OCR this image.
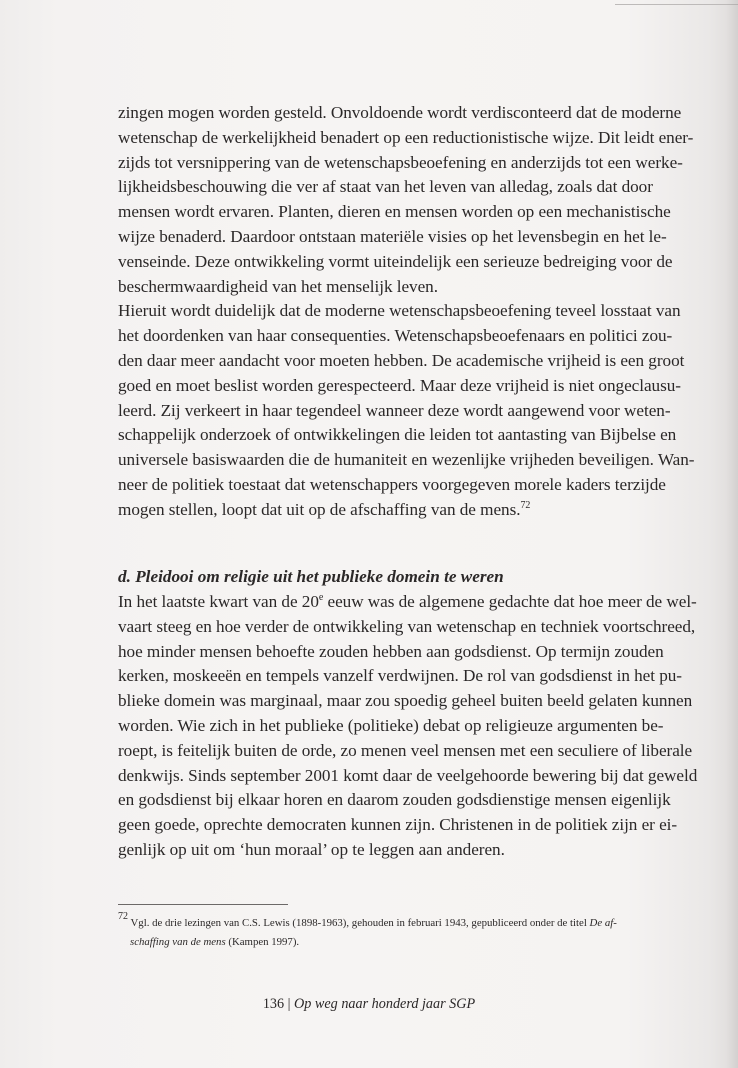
zingen mogen worden gesteld. Onvoldoende wordt verdisconteerd dat de moderne
wetenschap de werkelijkheid benadert op een reductionistische wijze. Dit leidt ener-
zijds tot versnippering van de wetenschapsbeoefening en anderzijds tot een werke-
lijkheidsbeschouwing die ver af staat van het leven van alledag, zoals dat door
mensen wordt ervaren. Planten, dieren en mensen worden op een mechanistische
wijze benaderd. Daardoor ontstaan materiële visies op het levensbegin en het le-
venseinde. Deze ontwikkeling vormt uiteindelijk een serieuze bedreiging voor de
beschermwaardigheid van het menselijk leven.
Hieruit wordt duidelijk dat de moderne wetenschapsbeoefening teveel losstaat van
het doordenken van haar consequenties. Wetenschapsbeoefenaars en politici zou-
den daar meer aandacht voor moeten hebben. De academische vrijheid is een groot
goed en moet beslist worden gerespecteerd. Maar deze vrijheid is niet ongeclausu-
leerd. Zij verkeert in haar tegendeel wanneer deze wordt aangewend voor weten-
schappelijk onderzoek of ontwikkelingen die leiden tot aantasting van Bijbelse en
universele basiswaarden die de humaniteit en wezenlijke vrijheden beveiligen. Wan-
neer de politiek toestaat dat wetenschappers voorgegeven morele kaders terzijde
mogen stellen, loopt dat uit op de afschaffing van de mens.$^{72}$
d. Pleidooi om religie uit het publieke domein te weren
In het laatste kwart van de 20e eeuw was de algemene gedachte dat hoe meer de wel-
vaart steeg en hoe verder de ontwikkeling van wetenschap en techniek voortschreed,
hoe minder mensen behoefte zouden hebben aan godsdienst. Op termijn zouden
kerken, moskeeën en tempels vanzelf verdwijnen. De rol van godsdienst in het pu-
blieke domein was marginaal, maar zou spoedig geheel buiten beeld gelaten kunnen
worden. Wie zich in het publieke (politieke) debat op religieuze argumenten be-
roept, is feitelijk buiten de orde, zo menen veel mensen met een seculiere of liberale
denkwijs. Sinds september 2001 komt daar de veelgehoorde bewering bij dat geweld
en godsdienst bij elkaar horen en daarom zouden godsdienstige mensen eigenlijk
geen goede, oprechte democraten kunnen zijn. Christenen in de politiek zijn er ei-
genlijk op uit om ‘hun moraal’ op te leggen aan anderen.
$^{72}$ Vgl. de drie lezingen van C.S. Lewis (1898-1963), gehouden in februari 1943, gepubliceerd onder de titel De af-
schaffing van de mens (Kampen 1997).
136 | Op weg naar honderd jaar SGP
